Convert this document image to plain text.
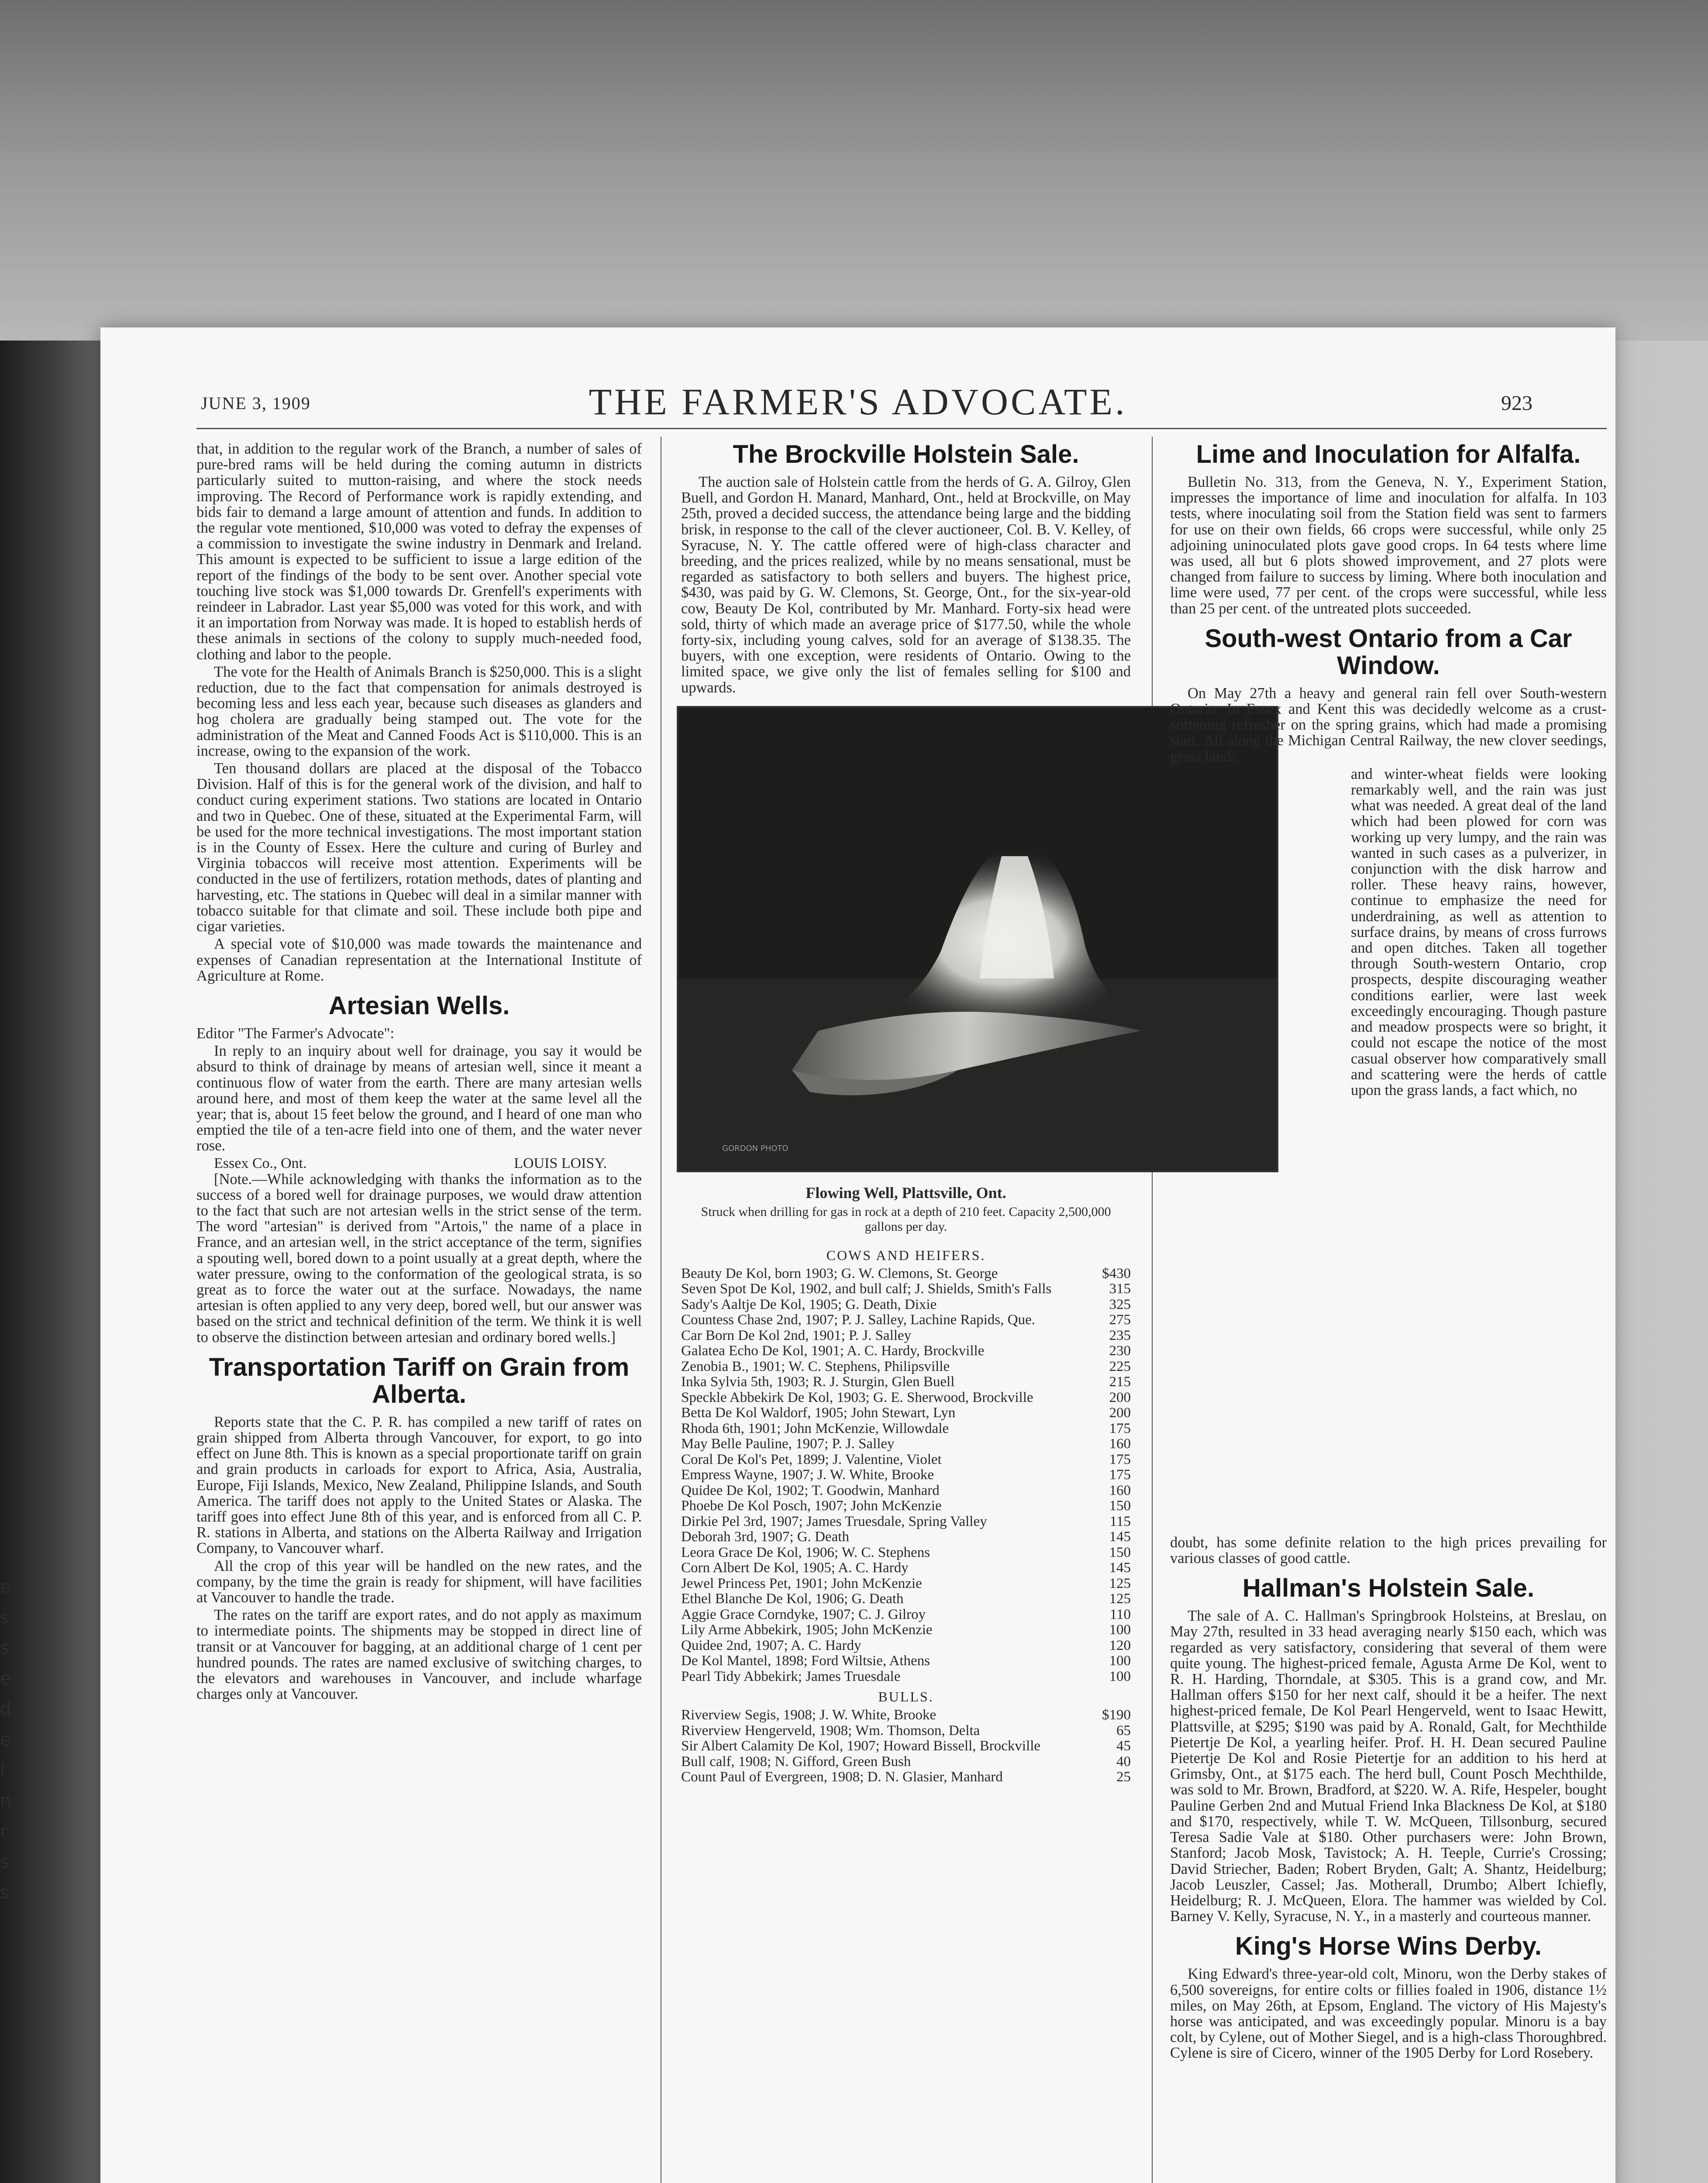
e
s
s
e
d
e
l
n
r
s
s
JUNE 3, 1909	THE FARMER'S ADVOCATE.	923

that, in addition to the regular work of the Branch, a number of sales of pure-bred rams will be held during the coming autumn in districts particularly suited to mutton-raising, and where the stock needs improving. The Record of Performance work is rapidly extending, and bids fair to demand a large amount of attention and funds. In addition to the regular vote mentioned, $10,000 was voted to defray the expenses of a commission to investigate the swine industry in Denmark and Ireland. This amount is expected to be sufficient to issue a large edition of the report of the findings of the body to be sent over. Another special vote touching live stock was $1,000 towards Dr. Grenfell's experiments with reindeer in Labrador. Last year $5,000 was voted for this work, and with it an importation from Norway was made. It is hoped to establish herds of these animals in sections of the colony to supply much-needed food, clothing and labor to the people.

The vote for the Health of Animals Branch is $250,000. This is a slight reduction, due to the fact that compensation for animals destroyed is becoming less and less each year, because such diseases as glanders and hog cholera are gradually being stamped out. The vote for the administration of the Meat and Canned Foods Act is $110,000. This is an increase, owing to the expansion of the work.

Ten thousand dollars are placed at the disposal of the Tobacco Division. Half of this is for the general work of the division, and half to conduct curing experiment stations. Two stations are located in Ontario and two in Quebec. One of these, situated at the Experimental Farm, will be used for the more technical investigations. The most important station is in the County of Essex. Here the culture and curing of Burley and Virginia tobaccos will receive most attention. Experiments will be conducted in the use of fertilizers, rotation methods, dates of planting and harvesting, etc. The stations in Quebec will deal in a similar manner with tobacco suitable for that climate and soil. These include both pipe and cigar varieties.

A special vote of $10,000 was made towards the maintenance and expenses of Canadian representation at the International Institute of Agriculture at Rome.

Artesian Wells.

Editor "The Farmer's Advocate":

In reply to an inquiry about well for drainage, you say it would be absurd to think of drainage by means of artesian well, since it meant a continuous flow of water from the earth. There are many artesian wells around here, and most of them keep the water at the same level all the year; that is, about 15 feet below the ground, and I heard of one man who emptied the tile of a ten-acre field into one of them, and the water never rose.

Essex Co., Ont.	LOUIS LOISY.

[Note.—While acknowledging with thanks the information as to the success of a bored well for drainage purposes, we would draw attention to the fact that such are not artesian wells in the strict sense of the term. The word "artesian" is derived from "Artois," the name of a place in France, and an artesian well, in the strict acceptance of the term, signifies a spouting well, bored down to a point usually at a great depth, where the water pressure, owing to the conformation of the geological strata, is so great as to force the water out at the surface. Nowadays, the name artesian is often applied to any very deep, bored well, but our answer was based on the strict and technical definition of the term. We think it is well to observe the distinction between artesian and ordinary bored wells.]

Transportation Tariff on Grain from Alberta.

Reports state that the C. P. R. has compiled a new tariff of rates on grain shipped from Alberta through Vancouver, for export, to go into effect on June 8th. This is known as a special proportionate tariff on grain and grain products in carloads for export to Africa, Asia, Australia, Europe, Fiji Islands, Mexico, New Zealand, Philippine Islands, and South America. The tariff does not apply to the United States or Alaska. The tariff goes into effect June 8th of this year, and is enforced from all C. P. R. stations in Alberta, and stations on the Alberta Railway and Irrigation Company, to Vancouver wharf.

All the crop of this year will be handled on the new rates, and the company, by the time the grain is ready for shipment, will have facilities at Vancouver to handle the trade.

The rates on the tariff are export rates, and do not apply as maximum to intermediate points. The shipments may be stopped in direct line of transit or at Vancouver for bagging, at an additional charge of 1 cent per hundred pounds. The rates are named exclusive of switching charges, to the elevators and warehouses in Vancouver, and include wharfage charges only at Vancouver.

The Brockville Holstein Sale.

The auction sale of Holstein cattle from the herds of G. A. Gilroy, Glen Buell, and Gordon H. Manard, Manhard, Ont., held at Brockville, on May 25th, proved a decided success, the attendance being large and the bidding brisk, in response to the call of the clever auctioneer, Col. B. V. Kelley, of Syracuse, N. Y. The cattle offered were of high-class character and breeding, and the prices realized, while by no means sensational, must be regarded as satisfactory to both sellers and buyers. The highest price, $430, was paid by G. W. Clemons, St. George, Ont., for the six-year-old cow, Beauty De Kol, contributed by Mr. Manhard. Forty-six head were sold, thirty of which made an average price of $177.50, while the whole forty-six, including young calves, sold for an average of $138.35. The buyers, with one exception, were residents of Ontario. Owing to the limited space, we give only the list of females selling for $100 and upwards.

GORDON PHOTO
Flowing Well, Plattsville, Ont.
Struck when drilling for gas in rock at a depth of 210 feet. Capacity 2,500,000 gallons per day.
COWS AND HEIFERS.
Beauty De Kol, born 1903; G. W. Clemons, St. George	$430
Seven Spot De Kol, 1902, and bull calf; J. Shields, Smith's Falls	315
Sady's Aaltje De Kol, 1905; G. Death, Dixie	325
Countess Chase 2nd, 1907; P. J. Salley, Lachine Rapids, Que.	275
Car Born De Kol 2nd, 1901; P. J. Salley	235
Galatea Echo De Kol, 1901; A. C. Hardy, Brockville	230
Zenobia B., 1901; W. C. Stephens, Philipsville	225
Inka Sylvia 5th, 1903; R. J. Sturgin, Glen Buell	215
Speckle Abbekirk De Kol, 1903; G. E. Sherwood, Brockville	200
Betta De Kol Waldorf, 1905; John Stewart, Lyn	200
Rhoda 6th, 1901; John McKenzie, Willowdale	175
May Belle Pauline, 1907; P. J. Salley	160
Coral De Kol's Pet, 1899; J. Valentine, Violet	175
Empress Wayne, 1907; J. W. White, Brooke	175
Quidee De Kol, 1902; T. Goodwin, Manhard	160
Phoebe De Kol Posch, 1907; John McKenzie	150
Dirkie Pel 3rd, 1907; James Truesdale, Spring Valley	115
Deborah 3rd, 1907; G. Death	145
Leora Grace De Kol, 1906; W. C. Stephens	150
Corn Albert De Kol, 1905; A. C. Hardy	145
Jewel Princess Pet, 1901; John McKenzie	125
Ethel Blanche De Kol, 1906; G. Death	125
Aggie Grace Corndyke, 1907; C. J. Gilroy	110
Lily Arme Abbekirk, 1905; John McKenzie	100
Quidee 2nd, 1907; A. C. Hardy	120
De Kol Mantel, 1898; Ford Wiltsie, Athens	100
Pearl Tidy Abbekirk; James Truesdale	100
BULLS.
Riverview Segis, 1908; J. W. White, Brooke	$190
Riverview Hengerveld, 1908; Wm. Thomson, Delta	65
Sir Albert Calamity De Kol, 1907; Howard Bissell, Brockville	45
Bull calf, 1908; N. Gifford, Green Bush	40
Count Paul of Evergreen, 1908; D. N. Glasier, Manhard	25
Lime and Inoculation for Alfalfa.

Bulletin No. 313, from the Geneva, N. Y., Experiment Station, impresses the importance of lime and inoculation for alfalfa. In 103 tests, where inoculating soil from the Station field was sent to farmers for use on their own fields, 66 crops were successful, while only 25 adjoining uninoculated plots gave good crops. In 64 tests where lime was used, all but 6 plots showed improvement, and 27 plots were changed from failure to success by liming. Where both inoculation and lime were used, 77 per cent. of the crops were successful, while less than 25 per cent. of the untreated plots succeeded.

South-west Ontario from a Car Window.

On May 27th a heavy and general rain fell over South-western Ontario. In Essex and Kent this was decidedly welcome as a crust-softening refresher on the spring grains, which had made a promising start. All along the Michigan Central Railway, the new clover seedings, grass lands

and winter-wheat fields were looking remarkably well, and the rain was just what was needed. A great deal of the land which had been plowed for corn was working up very lumpy, and the rain was wanted in such cases as a pulverizer, in conjunction with the disk harrow and roller. These heavy rains, however, continue to emphasize the need for underdraining, as well as attention to surface drains, by means of cross furrows and open ditches. Taken all together through South-western Ontario, crop prospects, despite discouraging weather conditions earlier, were last week exceedingly encouraging. Though pasture and meadow prospects were so bright, it could not escape the notice of the most casual observer how comparatively small and scattering were the herds of cattle upon the grass lands, a fact which, no

doubt, has some definite relation to the high prices prevailing for various classes of good cattle.

Hallman's Holstein Sale.

The sale of A. C. Hallman's Springbrook Holsteins, at Breslau, on May 27th, resulted in 33 head averaging nearly $150 each, which was regarded as very satisfactory, considering that several of them were quite young. The highest-priced female, Agusta Arme De Kol, went to R. H. Harding, Thorndale, at $305. This is a grand cow, and Mr. Hallman offers $150 for her next calf, should it be a heifer. The next highest-priced female, De Kol Pearl Hengerveld, went to Isaac Hewitt, Plattsville, at $295; $190 was paid by A. Ronald, Galt, for Mechthilde Pietertje De Kol, a yearling heifer. Prof. H. H. Dean secured Pauline Pietertje De Kol and Rosie Pietertje for an addition to his herd at Grimsby, Ont., at $175 each. The herd bull, Count Posch Mechthilde, was sold to Mr. Brown, Bradford, at $220. W. A. Rife, Hespeler, bought Pauline Gerben 2nd and Mutual Friend Inka Blackness De Kol, at $180 and $170, respectively, while T. W. McQueen, Tillsonburg, secured Teresa Sadie Vale at $180. Other purchasers were: John Brown, Stanford; Jacob Mosk, Tavistock; A. H. Teeple, Currie's Crossing; David Striecher, Baden; Robert Bryden, Galt; A. Shantz, Heidelburg; Jacob Leuszler, Cassel; Jas. Motherall, Drumbo; Albert Ichiefly, Heidelburg; R. J. McQueen, Elora. The hammer was wielded by Col. Barney V. Kelly, Syracuse, N. Y., in a masterly and courteous manner.

King's Horse Wins Derby.

King Edward's three-year-old colt, Minoru, won the Derby stakes of 6,500 sovereigns, for entire colts or fillies foaled in 1906, distance 1½ miles, on May 26th, at Epsom, England. The victory of His Majesty's horse was anticipated, and was exceedingly popular. Minoru is a bay colt, by Cylene, out of Mother Siegel, and is a high-class Thoroughbred. Cylene is sire of Cicero, winner of the 1905 Derby for Lord Rosebery.
